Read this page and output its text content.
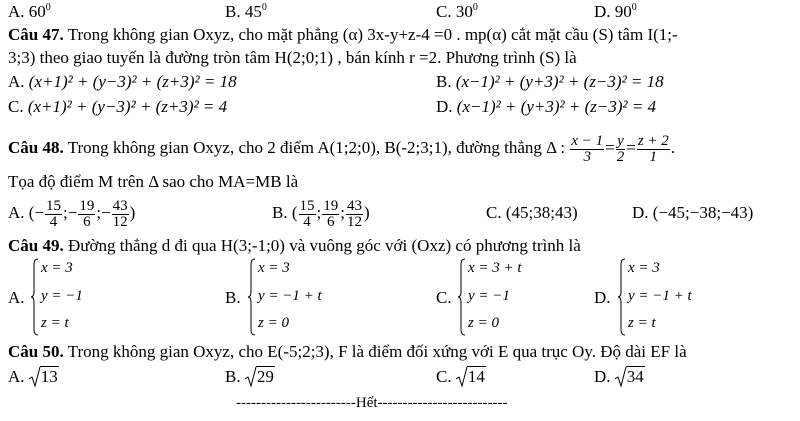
A. $60^0$	B. $45^0$	C. $30^0$	D. $90^0$
Câu 47. Trong không gian Oxyz, cho mặt phẳng (α) 3x-y+z-4 =0 . mp(α) cắt mặt cầu (S) tâm I(1;-
3;3) theo giao tuyến là đường tròn tâm H(2;0;1) , bán kính r =2. Phương trình (S) là
A. (x+1)² + (y−3)² + (z+3)² = 18	B. (x−1)² + (y+3)² + (z−3)² = 18
C. (x+1)² + (y−3)² + (z+3)² = 4	D. (x−1)² + (y+3)² + (z−3)² = 4
Câu 48. Trong không gian Oxyz, cho 2 điểm A(1;2;0), B(-2;3;1), đường thẳng Δ : $\frac{x - 1}{3} = \frac{y}{2} = \frac{z + 2}{1}$ .
Tọa độ điểm M trên Δ sao cho MA=MB là
A. (− $\frac{15}{4}$ ;− $\frac{19}{6}$ ;− $\frac{43}{12}$ )	B. ( $\frac{15}{4}$ ; $\frac{19}{6}$ ; $\frac{43}{12}$ )	C. (45;38;43)	D. (−45;−38;−43)
Câu 49. Đường thẳng d đi qua H(3;-1;0) và vuông góc với (Oxz) có phương trình là
A.
x = 3
y = −1
z = t
B.
x = 3
y = −1 + t
z = 0
C.
x = 3 + t
y = −1
z = 0
D.
x = 3
y = −1 + t
z = t
Câu 50. Trong không gian Oxyz, cho E(-5;2;3), F là điểm đối xứng với E qua trục Oy. Độ dài EF là
A. 13	B. 29	C. 14	D. 34
------------------------Hết--------------------------
